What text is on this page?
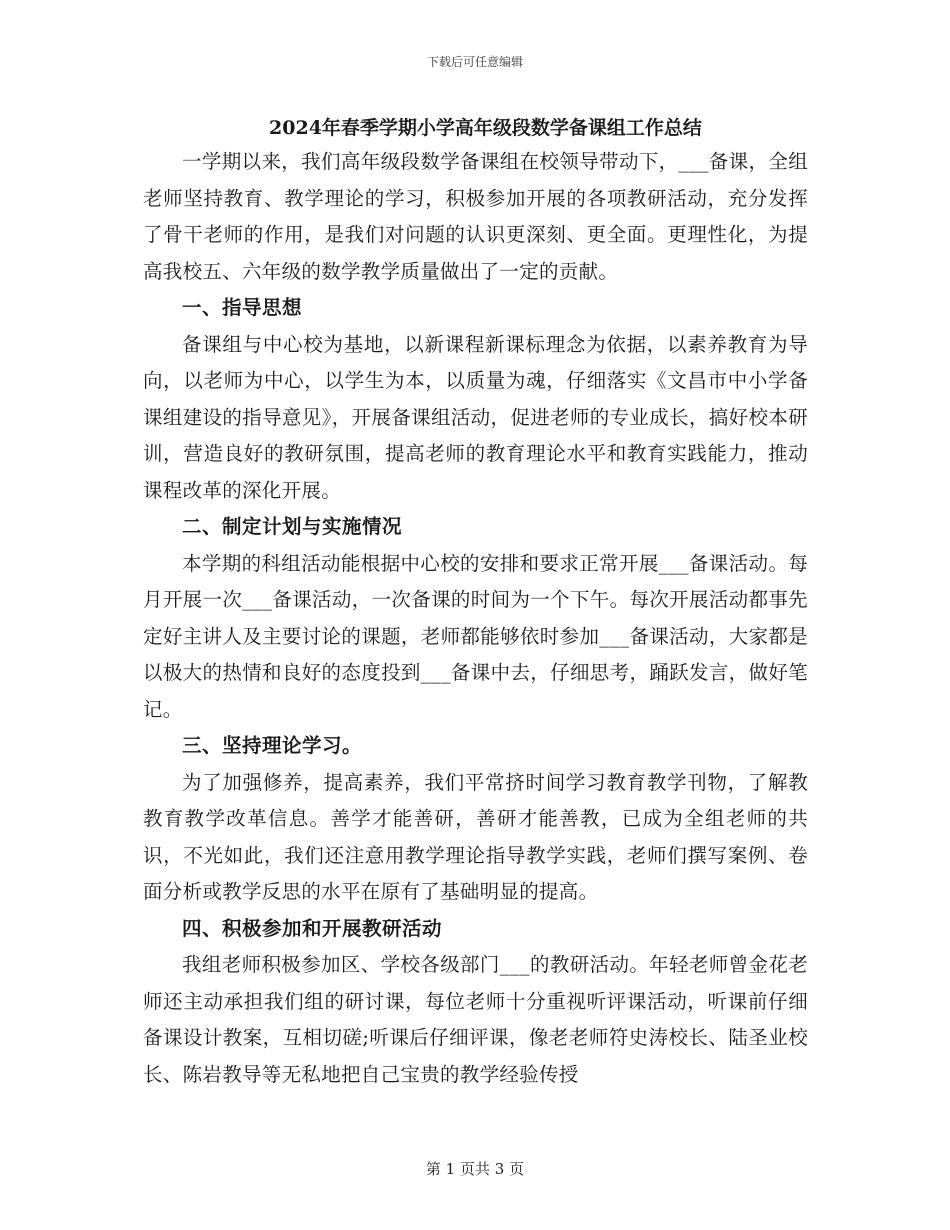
下载后可任意编辑
2024年春季学期小学高年级段数学备课组工作总结

一学期以来，我们高年级段数学备课组在校领导带动下，___备课，全组老师坚持教育、教学理论的学习，积极参加开展的各项教研活动，充分发挥了骨干老师的作用，是我们对问题的认识更深刻、更全面。更理性化，为提高我校五、六年级的数学教学质量做出了一定的贡献。

一、指导思想

备课组与中心校为基地，以新课程新课标理念为依据，以素养教育为导向，以老师为中心，以学生为本，以质量为魂，仔细落实《文昌市中小学备课组建设的指导意见》，开展备课组活动，促进老师的专业成长，搞好校本研训，营造良好的教研氛围，提高老师的教育理论水平和教育实践能力，推动课程改革的深化开展。

二、制定计划与实施情况

本学期的科组活动能根据中心校的安排和要求正常开展___备课活动。每月开展一次___备课活动，一次备课的时间为一个下午。每次开展活动都事先定好主讲人及主要讨论的课题，老师都能够依时参加___备课活动，大家都是以极大的热情和良好的态度投到___备课中去，仔细思考，踊跃发言，做好笔记。

三、坚持理论学习。

为了加强修养，提高素养，我们平常挤时间学习教育教学刊物，了解教教育教学改革信息。善学才能善研，善研才能善教，已成为全组老师的共识，不光如此，我们还注意用教学理论指导教学实践，老师们撰写案例、卷面分析或教学反思的水平在原有了基础明显的提高。

四、积极参加和开展教研活动

我组老师积极参加区、学校各级部门___的教研活动。年轻老师曾金花老师还主动承担我们组的研讨课，每位老师十分重视听评课活动，听课前仔细备课设计教案，互相切磋;听课后仔细评课，像老老师符史涛校长、陆圣业校长、陈岩教导等无私地把自己宝贵的教学经验传授

第 1 页共 3 页
